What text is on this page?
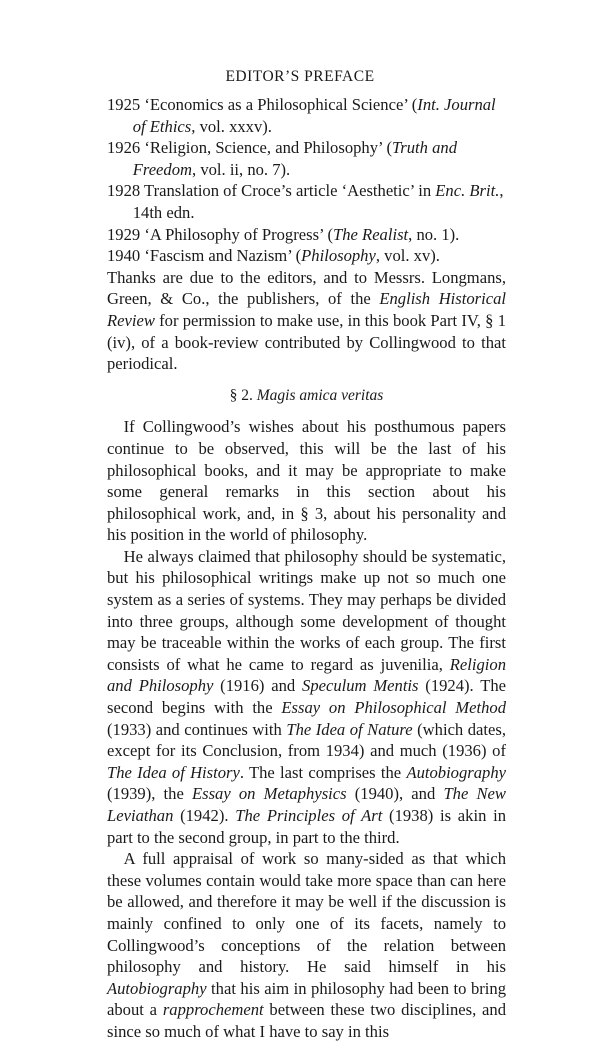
EDITOR’S PREFACE
1925 ‘Economics as a Philosophical Science’ (Int. Journal of Ethics, vol. xxxv).
1926 ‘Religion, Science, and Philosophy’ (Truth and Freedom, vol. ii, no. 7).
1928 Translation of Croce’s article ‘Aesthetic’ in Enc. Brit., 14th edn.
1929 ‘A Philosophy of Progress’ (The Realist, no. 1).
1940 ‘Fascism and Nazism’ (Philosophy, vol. xv).
Thanks are due to the editors, and to Messrs. Longmans, Green, & Co., the publishers, of the English Historical Review for permission to make use, in this book Part IV, § 1 (iv), of a book-review contributed by Collingwood to that periodical.
§ 2. Magis amica veritas
If Collingwood’s wishes about his posthumous papers continue to be observed, this will be the last of his philosophical books, and it may be appropriate to make some general remarks in this section about his philosophical work, and, in § 3, about his personality and his position in the world of philosophy.
He always claimed that philosophy should be systematic, but his philosophical writings make up not so much one system as a series of systems. They may perhaps be divided into three groups, although some development of thought may be traceable within the works of each group. The first consists of what he came to regard as juvenilia, Religion and Philosophy (1916) and Speculum Mentis (1924). The second begins with the Essay on Philosophical Method (1933) and continues with The Idea of Nature (which dates, except for its Conclusion, from 1934) and much (1936) of The Idea of History. The last comprises the Autobiography (1939), the Essay on Metaphysics (1940), and The New Leviathan (1942). The Principles of Art (1938) is akin in part to the second group, in part to the third.
A full appraisal of work so many-sided as that which these volumes contain would take more space than can here be allowed, and therefore it may be well if the discussion is mainly confined to only one of its facets, namely to Collingwood’s conceptions of the relation between philosophy and history. He said himself in his Autobiography that his aim in philosophy had been to bring about a rapprochement between these two disciplines, and since so much of what I have to say in this
